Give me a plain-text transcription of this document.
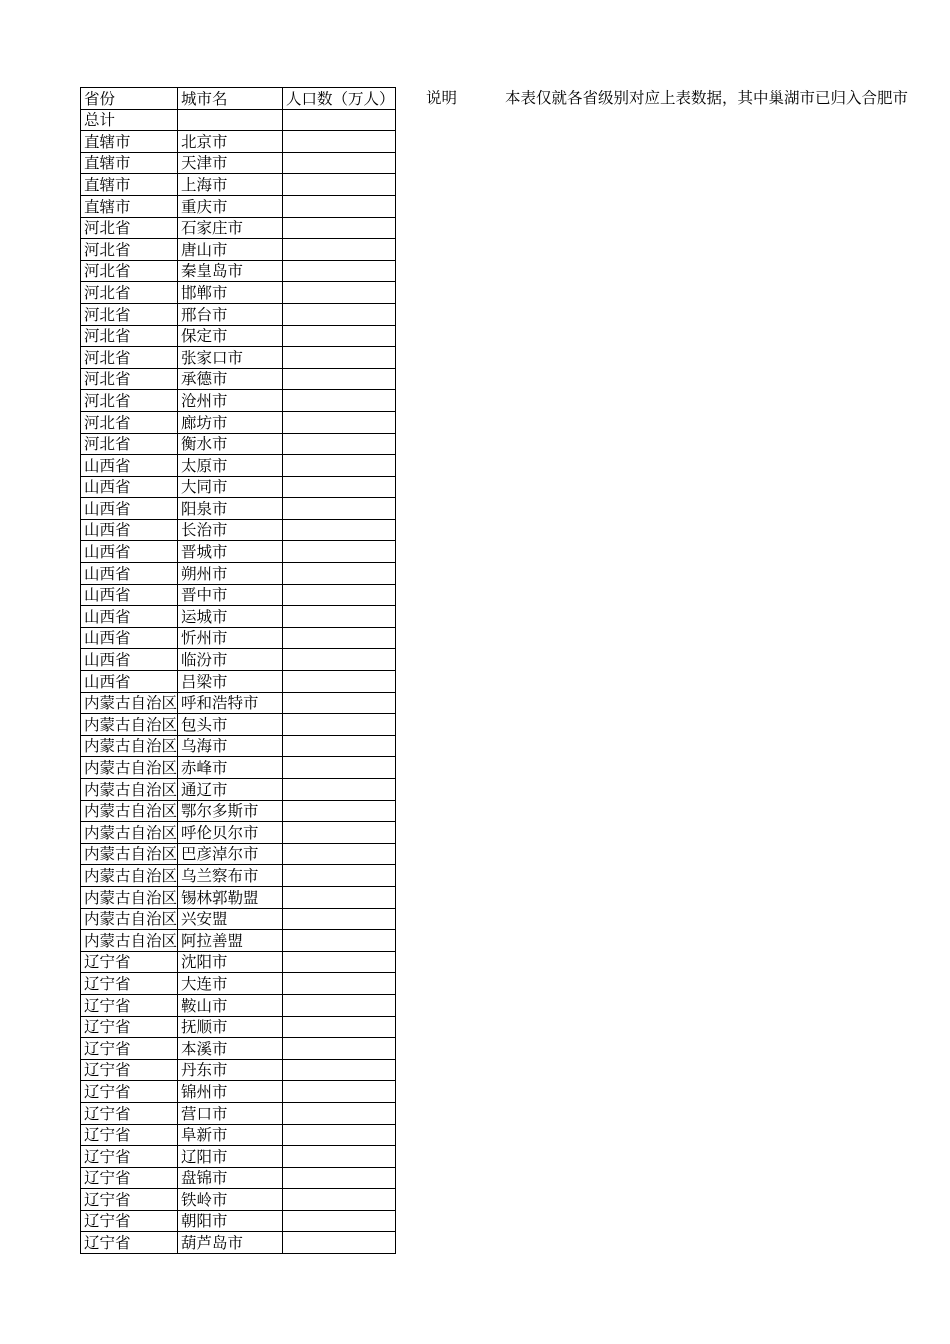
省份	城市名	人口数（万人）
总计		
直辖市	北京市	
直辖市	天津市	
直辖市	上海市	
直辖市	重庆市	
河北省	石家庄市	
河北省	唐山市	
河北省	秦皇岛市	
河北省	邯郸市	
河北省	邢台市	
河北省	保定市	
河北省	张家口市	
河北省	承德市	
河北省	沧州市	
河北省	廊坊市	
河北省	衡水市	
山西省	太原市	
山西省	大同市	
山西省	阳泉市	
山西省	长治市	
山西省	晋城市	
山西省	朔州市	
山西省	晋中市	
山西省	运城市	
山西省	忻州市	
山西省	临汾市	
山西省	吕梁市	
内蒙古自治区	呼和浩特市	
内蒙古自治区	包头市	
内蒙古自治区	乌海市	
内蒙古自治区	赤峰市	
内蒙古自治区	通辽市	
内蒙古自治区	鄂尔多斯市	
内蒙古自治区	呼伦贝尔市	
内蒙古自治区	巴彦淖尔市	
内蒙古自治区	乌兰察布市	
内蒙古自治区	锡林郭勒盟	
内蒙古自治区	兴安盟	
内蒙古自治区	阿拉善盟	
辽宁省	沈阳市	
辽宁省	大连市	
辽宁省	鞍山市	
辽宁省	抚顺市	
辽宁省	本溪市	
辽宁省	丹东市	
辽宁省	锦州市	
辽宁省	营口市	
辽宁省	阜新市	
辽宁省	辽阳市	
辽宁省	盘锦市	
辽宁省	铁岭市	
辽宁省	朝阳市	
辽宁省	葫芦岛市	
说明	本表仅就各省级别对应上表数据，其中巢湖市已归入合肥市
